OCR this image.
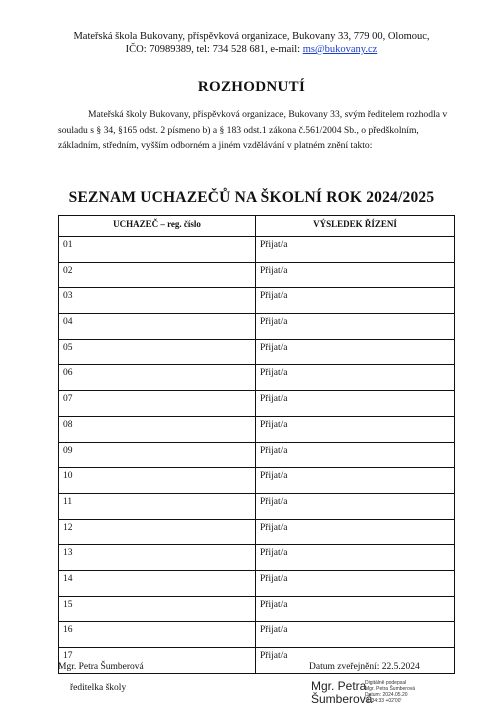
Mateřská škola Bukovany, příspěvková organizace, Bukovany 33, 779 00, Olomouc,
IČO: 70989389, tel: 734 528 681, e-mail: ms@bukovany.cz
ROZHODNUTÍ
Mateřská školy Bukovany, příspěvková organizace, Bukovany 33, svým ředitelem rozhodla v souladu s § 34, §165 odst. 2 písmeno b) a § 183 odst.1 zákona č.561/2004 Sb., o předškolním, základním, středním, vyšším odborném a jiném vzdělávání v platném znění takto:
SEZNAM UCHAZEČŮ NA ŠKOLNÍ ROK 2024/2025
UCHAZEČ – reg. číslo	VÝSLEDEK ŘÍZENÍ
01	Přijat/a
02	Přijat/a
03	Přijat/a
04	Přijat/a
05	Přijat/a
06	Přijat/a
07	Přijat/a
08	Přijat/a
09	Přijat/a
10	Přijat/a
11	Přijat/a
12	Přijat/a
13	Přijat/a
14	Přijat/a
15	Přijat/a
16	Přijat/a
17	Přijat/a
Mgr. Petra Šumberová
ředitelka školy
Datum zveřejnění: 22.5.2024
Mgr. Petra
Šumberová
Digitálně podepsal
Mgr. Petra Šumberová
Datum: 2024.05.20
11:34:33 +02'00'
